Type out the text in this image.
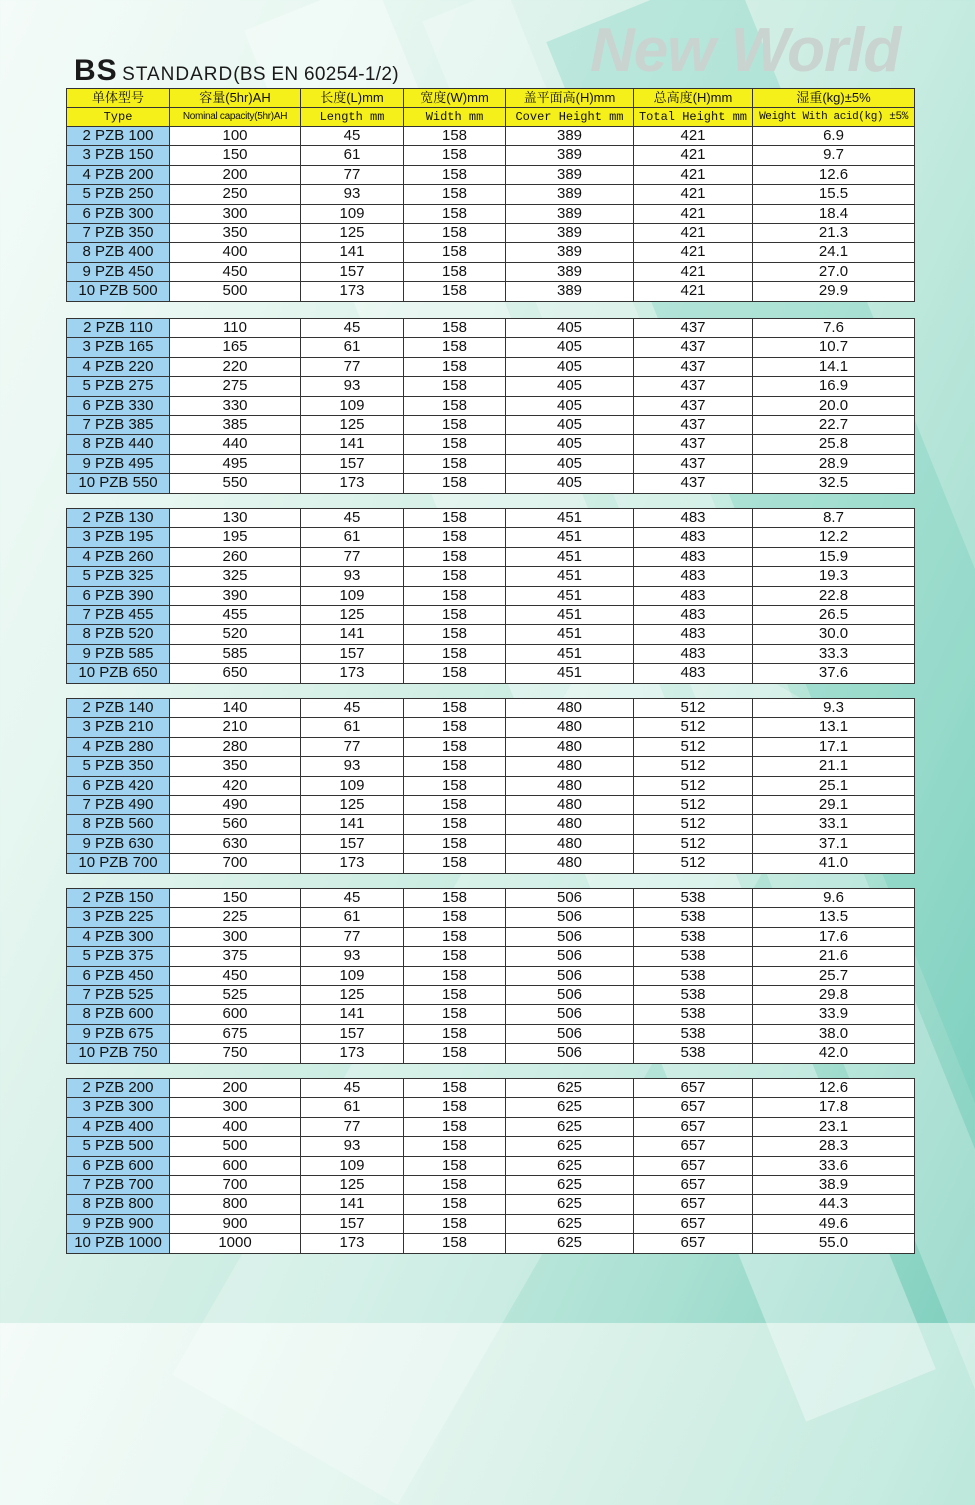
New World
BS STANDARD(BS EN 60254-1/2)
单体型号	容量(5hr)AH	长度(L)mm	宽度(W)mm	盖平面高(H)mm	总高度(H)mm	湿重(kg)±5%
Type	Nominal capacity(5hr)AH	Length mm	Width mm	Cover Height mm	Total Height mm	Weight With acid(kg) ±5%
2 PZB 100	100	45	158	389	421	6.9
3 PZB 150	150	61	158	389	421	9.7
4 PZB 200	200	77	158	389	421	12.6
5 PZB 250	250	93	158	389	421	15.5
6 PZB 300	300	109	158	389	421	18.4
7 PZB 350	350	125	158	389	421	21.3
8 PZB 400	400	141	158	389	421	24.1
9 PZB 450	450	157	158	389	421	27.0
10 PZB 500	500	173	158	389	421	29.9
2 PZB 110	110	45	158	405	437	7.6
3 PZB 165	165	61	158	405	437	10.7
4 PZB 220	220	77	158	405	437	14.1
5 PZB 275	275	93	158	405	437	16.9
6 PZB 330	330	109	158	405	437	20.0
7 PZB 385	385	125	158	405	437	22.7
8 PZB 440	440	141	158	405	437	25.8
9 PZB 495	495	157	158	405	437	28.9
10 PZB 550	550	173	158	405	437	32.5
2 PZB 130	130	45	158	451	483	8.7
3 PZB 195	195	61	158	451	483	12.2
4 PZB 260	260	77	158	451	483	15.9
5 PZB 325	325	93	158	451	483	19.3
6 PZB 390	390	109	158	451	483	22.8
7 PZB 455	455	125	158	451	483	26.5
8 PZB 520	520	141	158	451	483	30.0
9 PZB 585	585	157	158	451	483	33.3
10 PZB 650	650	173	158	451	483	37.6
2 PZB 140	140	45	158	480	512	9.3
3 PZB 210	210	61	158	480	512	13.1
4 PZB 280	280	77	158	480	512	17.1
5 PZB 350	350	93	158	480	512	21.1
6 PZB 420	420	109	158	480	512	25.1
7 PZB 490	490	125	158	480	512	29.1
8 PZB 560	560	141	158	480	512	33.1
9 PZB 630	630	157	158	480	512	37.1
10 PZB 700	700	173	158	480	512	41.0
2 PZB 150	150	45	158	506	538	9.6
3 PZB 225	225	61	158	506	538	13.5
4 PZB 300	300	77	158	506	538	17.6
5 PZB 375	375	93	158	506	538	21.6
6 PZB 450	450	109	158	506	538	25.7
7 PZB 525	525	125	158	506	538	29.8
8 PZB 600	600	141	158	506	538	33.9
9 PZB 675	675	157	158	506	538	38.0
10 PZB 750	750	173	158	506	538	42.0
2 PZB 200	200	45	158	625	657	12.6
3 PZB 300	300	61	158	625	657	17.8
4 PZB 400	400	77	158	625	657	23.1
5 PZB 500	500	93	158	625	657	28.3
6 PZB 600	600	109	158	625	657	33.6
7 PZB 700	700	125	158	625	657	38.9
8 PZB 800	800	141	158	625	657	44.3
9 PZB 900	900	157	158	625	657	49.6
10 PZB 1000	1000	173	158	625	657	55.0
